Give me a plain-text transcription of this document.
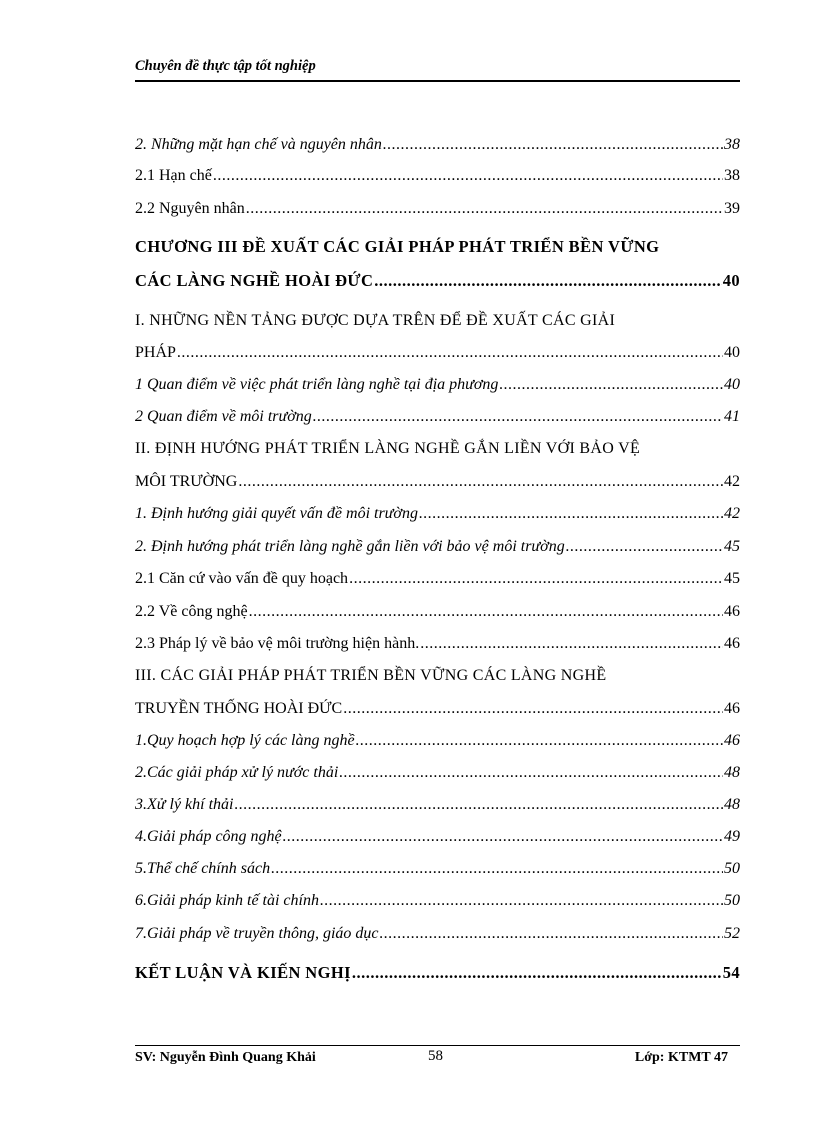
Chuyên đề thực tập tốt nghiệp
2. Những mặt hạn chế và nguyên nhân .....	38
2.1 Hạn chế .....	38
2.2 Nguyên nhân .....	39
CHƯƠNG III ĐỀ XUẤT CÁC GIẢI PHÁP PHÁT TRIỂN BỀN VỮNG
CÁC LÀNG NGHỀ HOÀI ĐỨC .....	40
I. NHỮNG NỀN TẢNG ĐƯỢC DỰA TRÊN ĐỂ ĐỀ XUẤT CÁC GIẢI
PHÁP .....	40
1 Quan điểm về việc phát triển làng nghề tại địa phương .....	40
2 Quan điểm về môi trường .....	41
II. ĐỊNH HƯỚNG PHÁT TRIỂN LÀNG NGHỀ GẮN LIỀN VỚI BẢO VỆ
MÔI TRƯỜNG .....	42
1. Định hướng giải quyết vấn đề môi trường .....	42
2. Định hướng phát triển làng nghề gắn liền với bảo vệ môi trường .....	45
2.1 Căn cứ vào vấn đề quy hoạch .....	45
2.2 Về công nghệ .....	46
2.3 Pháp lý về bảo vệ môi trường hiện hành. .....	46
III. CÁC GIẢI PHÁP PHÁT TRIỂN BỀN VỮNG CÁC LÀNG NGHỀ
TRUYỀN THỐNG HOÀI ĐỨC .....	46
1.Quy hoạch hợp lý các làng nghề .....	46
2.Các giải pháp xử lý nước thải .....	48
3.Xử lý khí thải .....	48
4.Giải pháp công nghệ .....	49
5.Thể chế chính sách .....	50
6.Giải pháp kinh tế tài chính .....	50
7.Giải pháp về truyền thông, giáo dục .....	52
KẾT LUẬN VÀ KIẾN NGHỊ .....	54
SV: Nguyễn Đình Quang Khải	58	Lớp: KTMT 47
